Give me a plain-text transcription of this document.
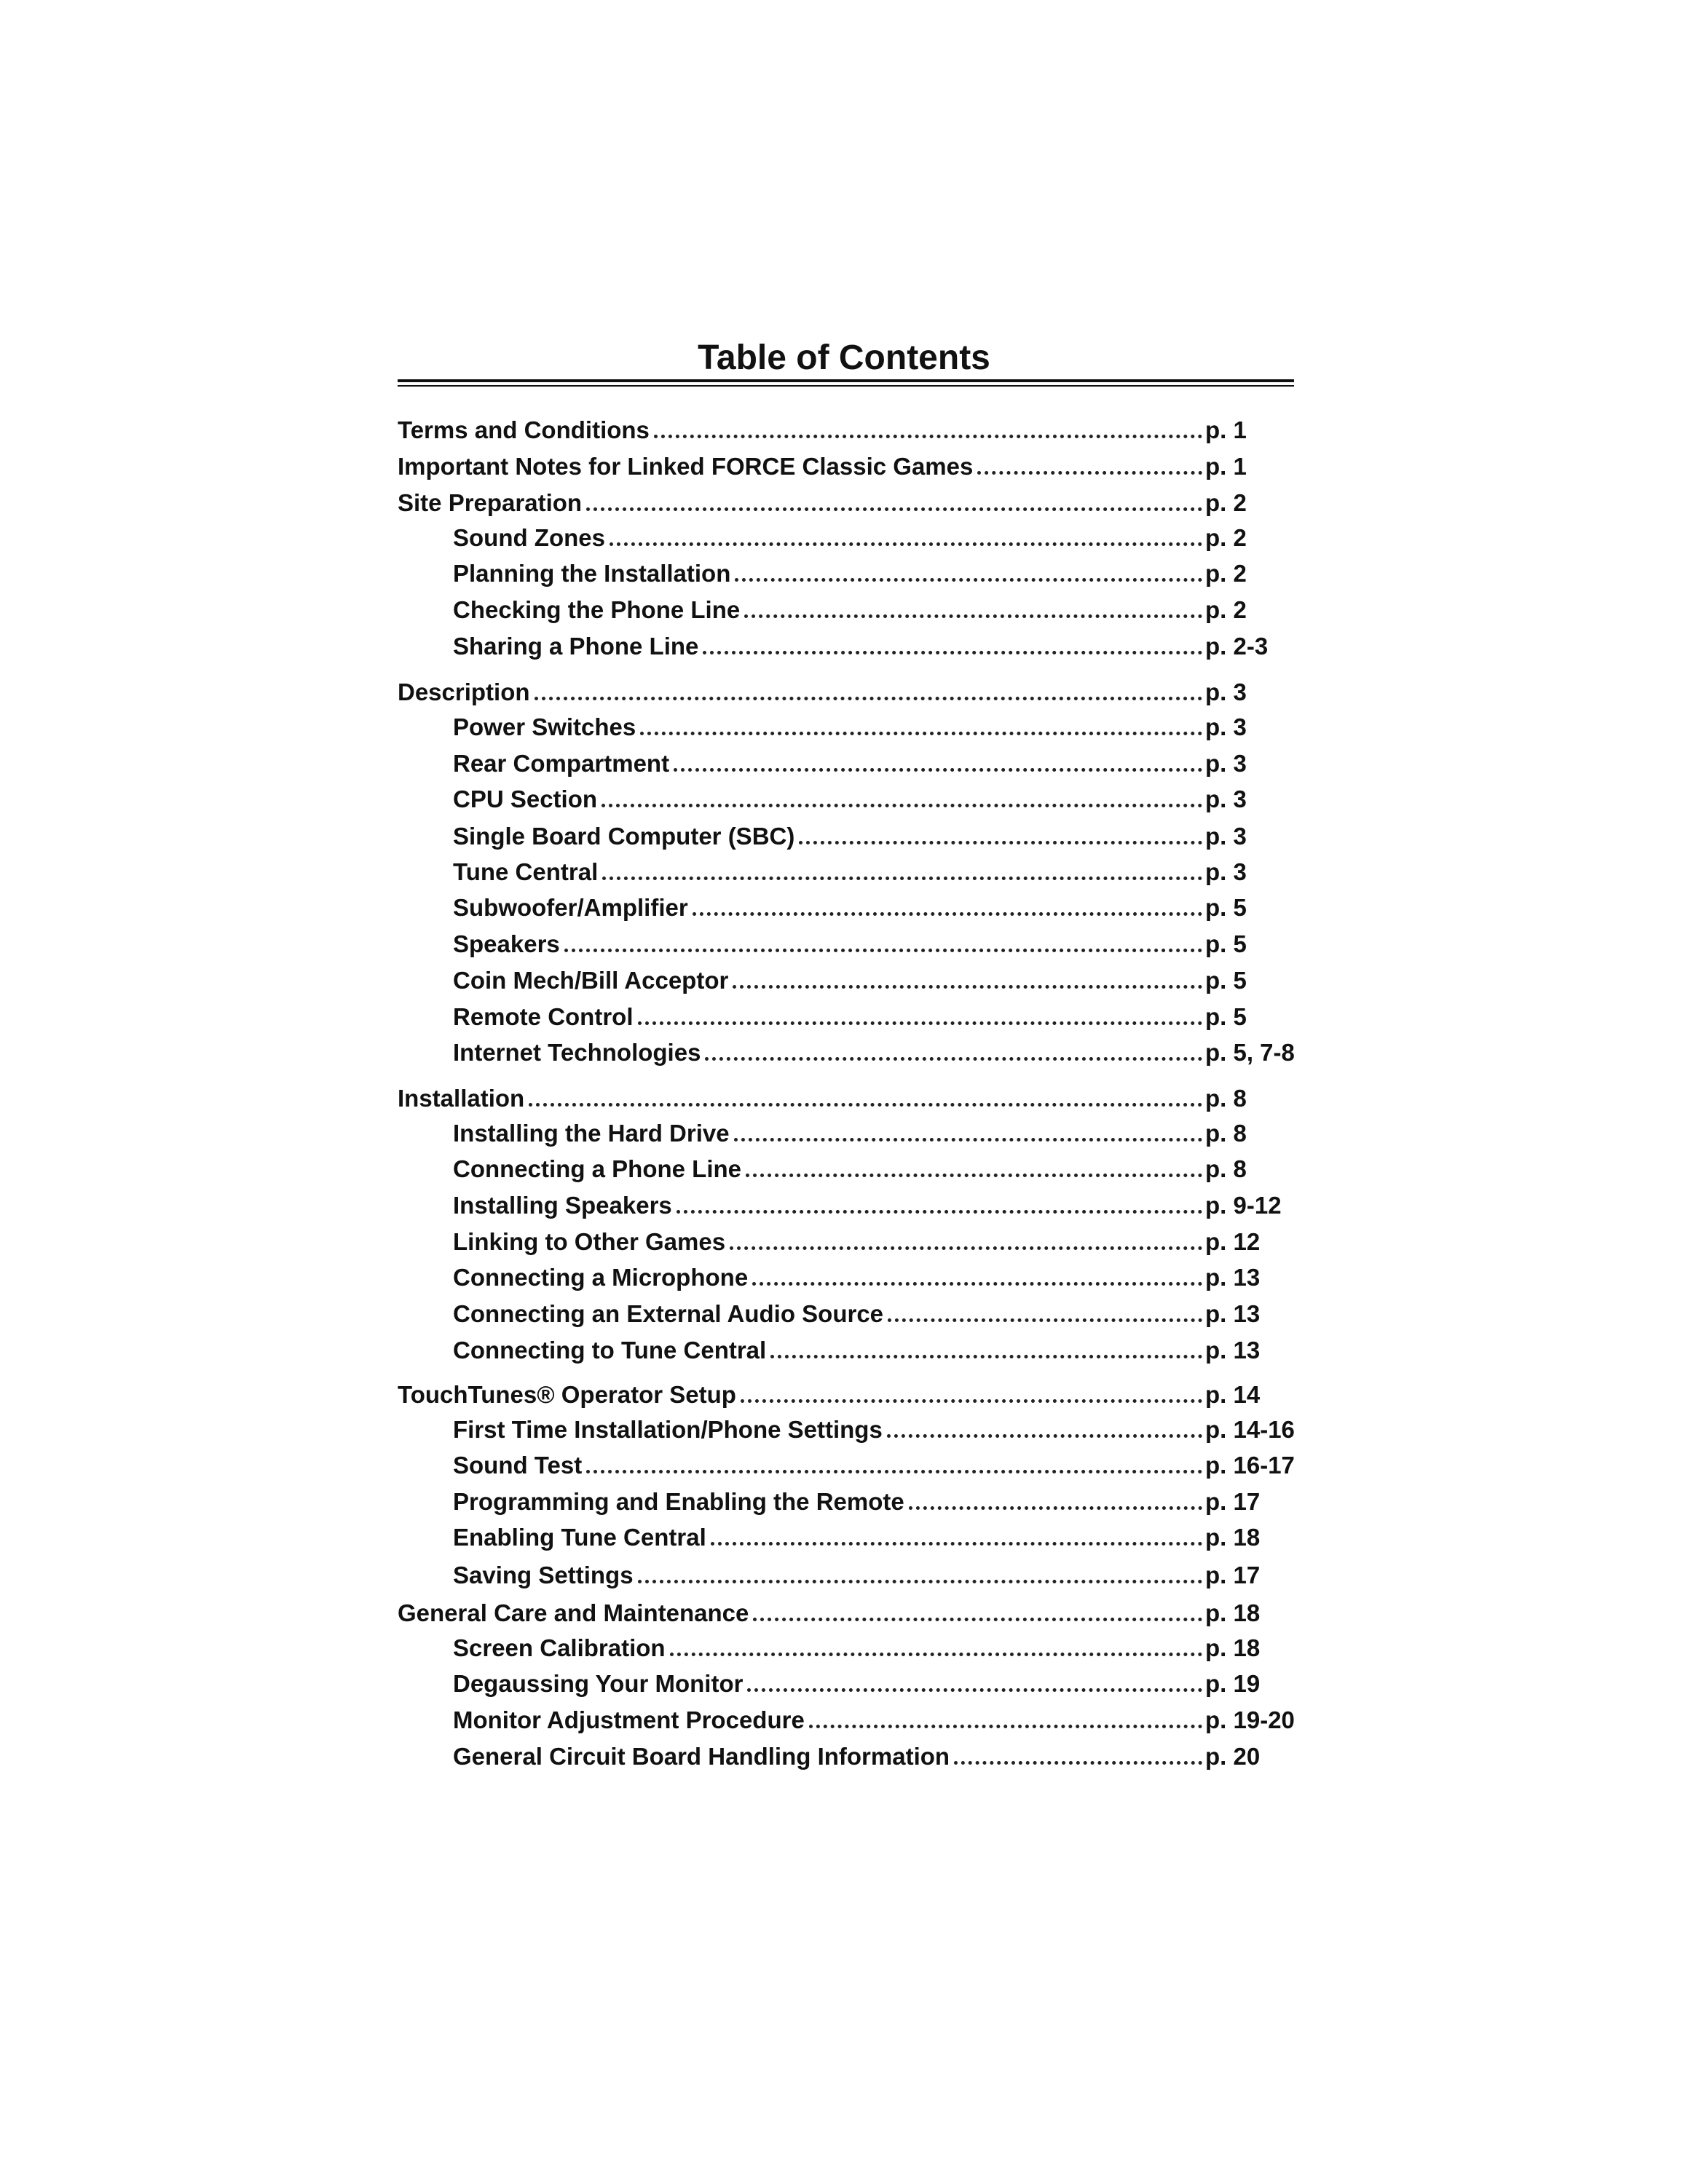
Table of Contents
Terms and Conditions	p. 1
Important Notes for Linked FORCE Classic Games	p. 1
Site Preparation	p. 2
Sound Zones	p. 2
Planning the Installation	p. 2
Checking the Phone Line	p. 2
Sharing a Phone Line	p. 2-3
Description	p. 3
Power Switches	p. 3
Rear Compartment	p. 3
CPU Section	p. 3
Single Board Computer (SBC)	p. 3
Tune Central	p. 3
Subwoofer/Amplifier	p. 5
Speakers	p. 5
Coin Mech/Bill Acceptor	p. 5
Remote Control	p. 5
Internet Technologies	p. 5, 7-8
Installation	p. 8
Installing the Hard Drive	p. 8
Connecting a Phone Line	p. 8
Installing Speakers	p. 9-12
Linking to Other Games	p. 12
Connecting a Microphone	p. 13
Connecting an External Audio Source	p. 13
Connecting to Tune Central	p. 13
TouchTunes® Operator Setup	p. 14
First Time Installation/Phone Settings	p. 14-16
Sound Test	p. 16-17
Programming and Enabling the Remote	p. 17
Enabling Tune Central	p. 18
Saving Settings	p. 17
General Care and Maintenance	p. 18
Screen Calibration	p. 18
Degaussing Your Monitor	p. 19
Monitor Adjustment Procedure	p. 19-20
General Circuit Board Handling Information	p. 20
